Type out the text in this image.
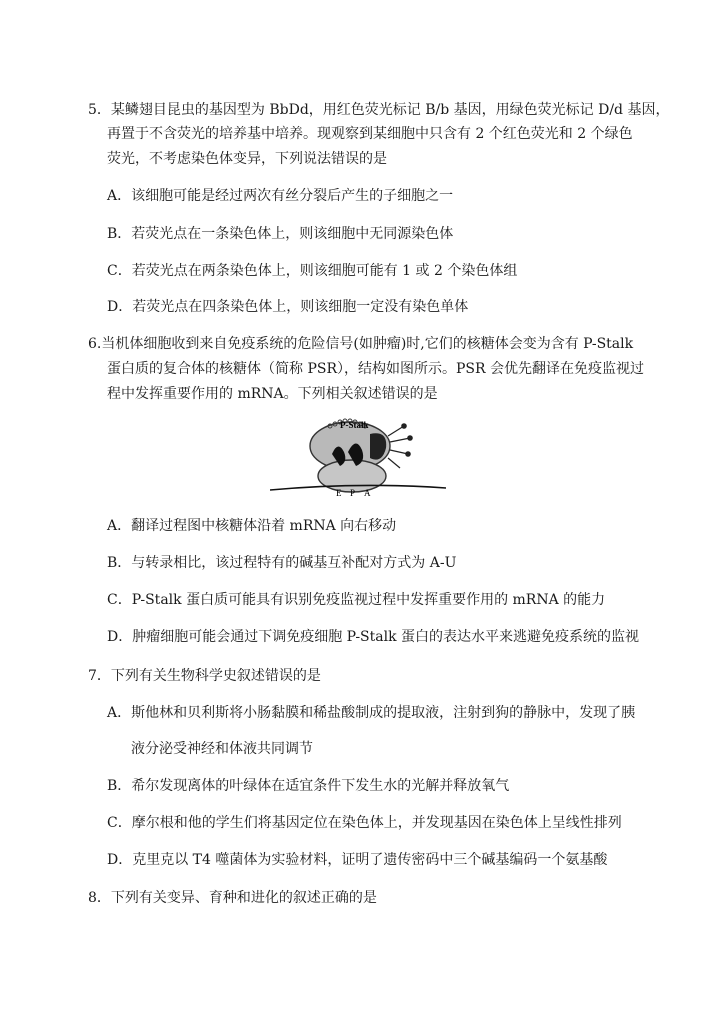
5．某鳞翅目昆虫的基因型为 BbDd，用红色荧光标记 B/b 基因，用绿色荧光标记 D/d 基因，
再置于不含荧光的培养基中培养。现观察到某细胞中只含有 2 个红色荧光和 2 个绿色
荧光，不考虑染色体变异，下列说法错误的是
A．该细胞可能是经过两次有丝分裂后产生的子细胞之一
B．若荧光点在一条染色体上，则该细胞中无同源染色体
C．若荧光点在两条染色体上，则该细胞可能有 1 或 2 个染色体组
D．若荧光点在四条染色体上，则该细胞一定没有染色单体
6.当机体细胞收到来自免疫系统的危险信号(如肿瘤)时,它们的核糖体会变为含有 P-Stalk
蛋白质的复合体的核糖体（简称 PSR），结构如图所示。PSR 会优先翻译在免疫监视过
程中发挥重要作用的 mRNA。下列相关叙述错误的是
P-Stalk
E P A
A．翻译过程图中核糖体沿着 mRNA 向右移动
B．与转录相比，该过程特有的碱基互补配对方式为 A-U
C．P-Stalk 蛋白质可能具有识别免疫监视过程中发挥重要作用的 mRNA 的能力
D．肿瘤细胞可能会通过下调免疫细胞 P-Stalk 蛋白的表达水平来逃避免疫系统的监视
7．下列有关生物科学史叙述错误的是
A．斯他林和贝利斯将小肠黏膜和稀盐酸制成的提取液，注射到狗的静脉中，发现了胰
液分泌受神经和体液共同调节
B．希尔发现离体的叶绿体在适宜条件下发生水的光解并释放氧气
C．摩尔根和他的学生们将基因定位在染色体上，并发现基因在染色体上呈线性排列
D．克里克以 T4 噬菌体为实验材料，证明了遗传密码中三个碱基编码一个氨基酸
8．下列有关变异、育种和进化的叙述正确的是
